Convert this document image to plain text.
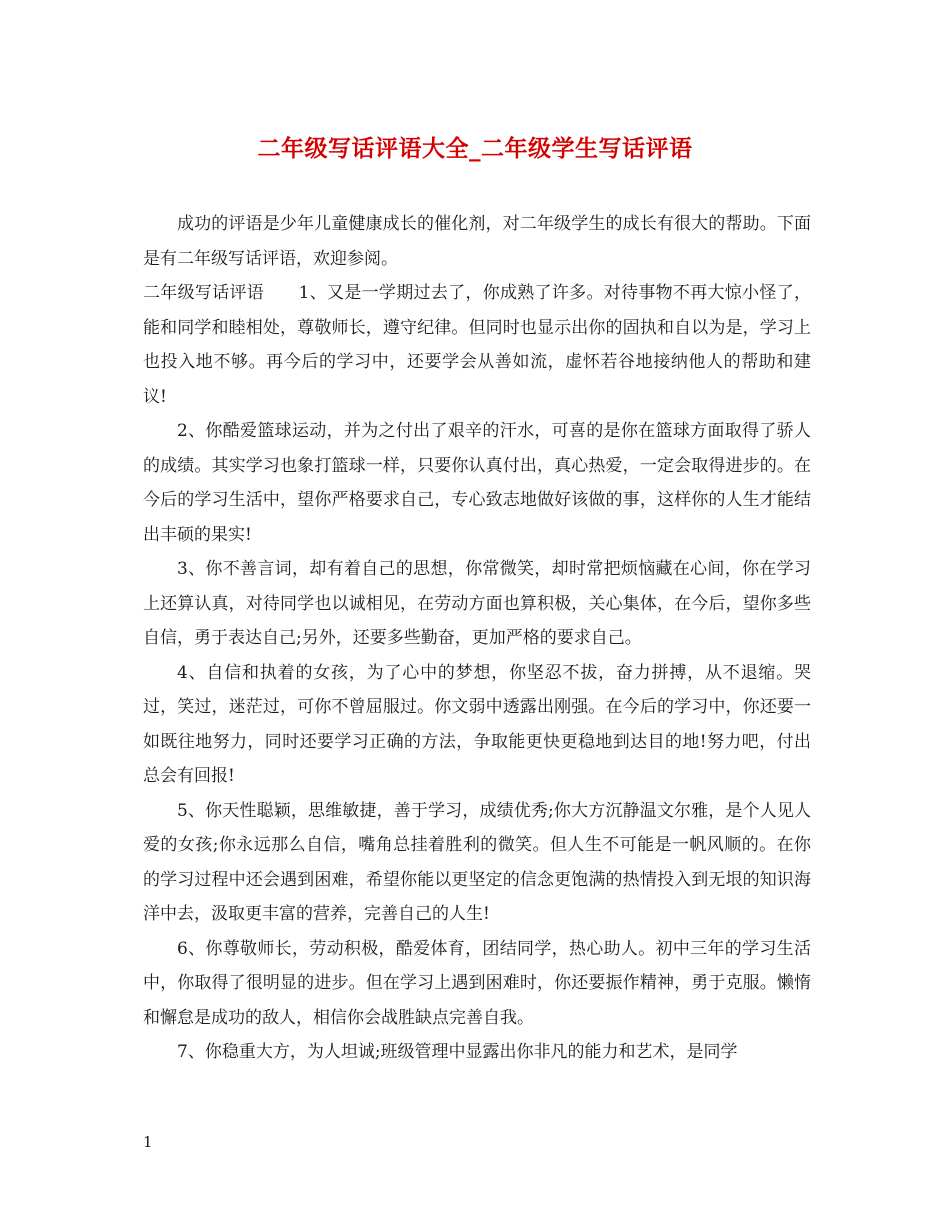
二年级写话评语大全_二年级学生写话评语

成功的评语是少年儿童健康成长的催化剂，对二年级学生的成长有很大的帮助。下面是有二年级写话评语，欢迎参阅。

二年级写话评语　　1、又是一学期过去了，你成熟了许多。对待事物不再大惊小怪了，能和同学和睦相处，尊敬师长，遵守纪律。但同时也显示出你的固执和自以为是，学习上也投入地不够。再今后的学习中，还要学会从善如流，虚怀若谷地接纳他人的帮助和建议!

2、你酷爱篮球运动，并为之付出了艰辛的汗水，可喜的是你在篮球方面取得了骄人的成绩。其实学习也象打篮球一样，只要你认真付出，真心热爱，一定会取得进步的。在今后的学习生活中，望你严格要求自己，专心致志地做好该做的事，这样你的人生才能结出丰硕的果实!

3、你不善言词，却有着自己的思想，你常微笑，却时常把烦恼藏在心间，你在学习上还算认真，对待同学也以诚相见，在劳动方面也算积极，关心集体，在今后，望你多些自信，勇于表达自己;另外，还要多些勤奋，更加严格的要求自己。

4、自信和执着的女孩，为了心中的梦想，你坚忍不拔，奋力拼搏，从不退缩。哭过，笑过，迷茫过，可你不曾屈服过。你文弱中透露出刚强。在今后的学习中，你还要一如既往地努力，同时还要学习正确的方法，争取能更快更稳地到达目的地!努力吧，付出总会有回报!

5、你天性聪颖，思维敏捷，善于学习，成绩优秀;你大方沉静温文尔雅，是个人见人爱的女孩;你永远那么自信，嘴角总挂着胜利的微笑。但人生不可能是一帆风顺的。在你的学习过程中还会遇到困难，希望你能以更坚定的信念更饱满的热情投入到无垠的知识海洋中去，汲取更丰富的营养，完善自己的人生!

6、你尊敬师长，劳动积极，酷爱体育，团结同学，热心助人。初中三年的学习生活中，你取得了很明显的进步。但在学习上遇到困难时，你还要振作精神，勇于克服。懒惰和懈怠是成功的敌人，相信你会战胜缺点完善自我。

7、你稳重大方，为人坦诚;班级管理中显露出你非凡的能力和艺术，是同学

1
